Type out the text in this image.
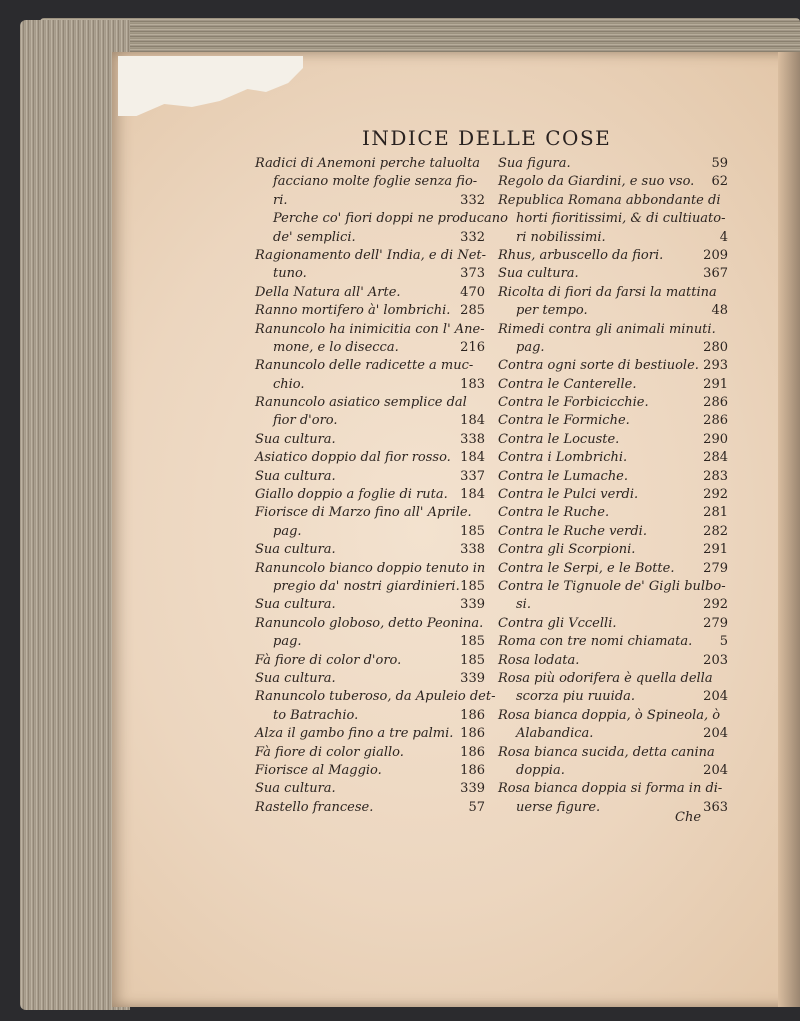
INDICE DELLE COSE
Radici di Anemoni perche taluolta
facciano molte foglie senza fio-
ri.	332
Perche co' fiori doppi ne producano
de' semplici.	332
Ragionamento dell' India, e di Net-
tuno.	373
Della Natura all' Arte.	470
Ranno mortifero à' lombrichi. 285
Ranuncolo ha inimicitia con l' Ane-
mone, e lo disecca.	216
Ranuncolo delle radicette a muc-
chio.	183
Ranuncolo asiatico semplice dal
fior d'oro.	184
Sua cultura.	338
Asiatico doppio dal fior rosso. 184
Sua cultura.	337
Giallo doppio a foglie di ruta. 184
Fiorisce di Marzo fino all' Aprile.
pag.	185
Sua cultura.	338
Ranuncolo bianco doppio tenuto in
pregio da' nostri giardinieri. 185
Sua cultura.	339
Ranuncolo globoso, detto Peonina.
pag.	185
Fà fiore di color d'oro.	185
Sua cultura.	339
Ranuncolo tuberoso, da Apuleio det-
to Batrachio.	186
Alza il gambo fino a tre palmi. 186
Fà fiore di color giallo.	186
Fiorisce al Maggio.	186
Sua cultura.	339
Rastello francese.	57
Sua figura.	59
Regolo da Giardini, e suo vso. 62
Republica Romana abbondante di
horti fioritissimi, & di cultiuato-
ri nobilissimi.	4
Rhus, arbuscello da fiori.	209
Sua cultura.	367
Ricolta di fiori da farsi la mattina
per tempo.	48
Rimedi contra gli animali minuti.
pag.	280
Contra ogni sorte di bestiuole. 293
Contra le Canterelle.	291
Contra le Forbicicchie.	286
Contra le Formiche.	286
Contra le Locuste.	290
Contra i Lombrichi.	284
Contra le Lumache.	283
Contra le Pulci verdi.	292
Contra le Ruche.	281
Contra le Ruche verdi.	282
Contra gli Scorpioni.	291
Contra le Serpi, e le Botte. 279
Contra le Tignuole de' Gigli bulbo-
si.	292
Contra gli Vccelli.	279
Roma con tre nomi chiamata. 5
Rosa lodata.	203
Rosa più odorifera è quella della
scorza piu ruuida.	204
Rosa bianca doppia, ò Spineola, ò
Alabandica.	204
Rosa bianca sucida, detta canina
doppia.	204
Rosa bianca doppia si forma in di-
uerse figure.	363
Che
